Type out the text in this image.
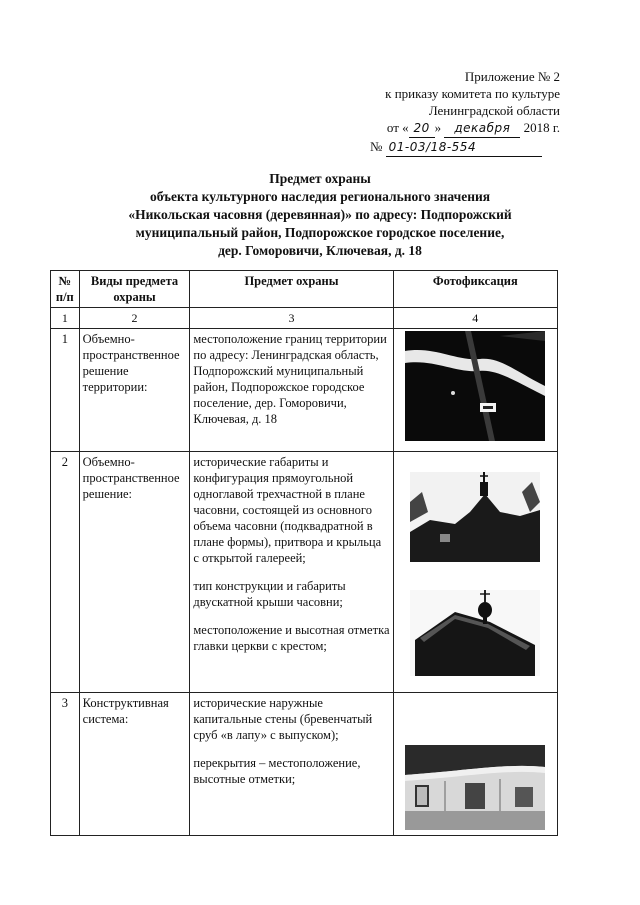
Приложение № 2
к приказу комитета по культуре
Ленинградской области
от « 20 » декабря 2018 г.
№ 01-03/18-554
Предмет охраны
объекта культурного наследия регионального значения
«Никольская часовня (деревянная)» по адресу: Подпорожский
муниципальный район, Подпорожское городское поселение,
дер. Гоморовичи, Ключевая, д. 18
№ п/п	Виды предмета охраны	Предмет охраны	Фотофиксация
1	2	3	4
1	Объемно-пространственное решение территории:	местоположение границ территории по адресу: Ленинградская область, Подпорожский муниципальный район, Подпорожское городское поселение, дер. Гоморовичи, Ключевая, д. 18

2	Объемно-пространственное решение:	исторические габариты и конфигурация прямоугольной одноглавой трехчастной в плане часовни, состоящей из основного объема часовни (подквадратной в плане формы), притвора и крыльца с открытой галереей;
тип конструкции и габариты двускатной крыши часовни;
местоположение и высотная отметка главки церкви с крестом;

3	Конструктивная система:	исторические наружные капитальные стены (бревенчатый сруб «в лапу» с выпуском);
перекрытия – местоположение, высотные отметки;
